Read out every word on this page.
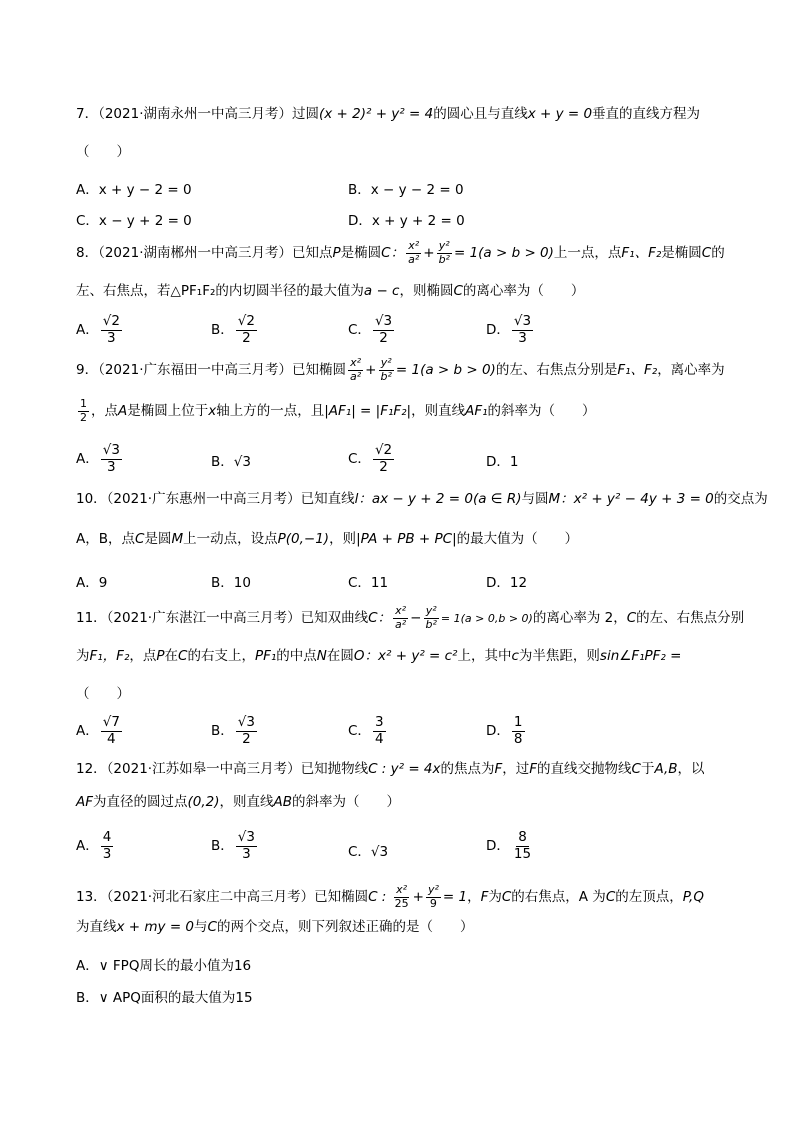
7．（2021·湖南永州一中高三月考）过圆(x + 2)² + y² = 4的圆心且与直线x + y = 0垂直的直线方程为
（　　）
A．x + y − 2 = 0	B．x − y − 2 = 0
C．x − y + 2 = 0	D．x + y + 2 = 0
8．（2021·湖南郴州一中高三月考）已知点P是椭圆C： $\frac{\text{x²}}{\text{a²}} + \frac{\text{y²}}{\text{b²}} = 1(a > b > 0)$上一点，点F₁、F₂是椭圆C的
左、右焦点，若△PF₁F₂的内切圆半径的最大值为a − c，则椭圆C的离心率为（　　）
A． $\frac{√2}{3}$	B． $\frac{√2}{2}$	C． $\frac{√3}{2}$	D． $\frac{√3}{3}$
9．（2021·广东福田一中高三月考）已知椭圆 $\frac{\text{x²}}{\text{a²}} + \frac{\text{y²}}{\text{b²}} = 1(a > b > 0)$的左、右焦点分别是F₁、F₂，离心率为
$\frac{1}{2}$ ，点A是椭圆上位于x轴上方的一点，且|AF₁| = |F₁F₂|，则直线AF₁的斜率为（　　）
A． $\frac{√3}{3}$	B．√3	C． $\frac{√2}{2}$	D．1
10．（2021·广东惠州一中高三月考）已知直线l：ax − y + 2 = 0(a ∈ R)与圆M：x² + y² − 4y + 3 = 0的交点为
A，B，点C是圆M上一动点，设点P(0,−1)，则|PA + PB + PC|的最大值为（　　）
A．9	B．10	C．11	D．12
11．（2021·广东湛江一中高三月考）已知双曲线C： $\frac{\text{x²}}{\text{a²}} - \frac{\text{y²}}{\text{b²}} = 1(a > 0,b > 0)$的离心率为 2，C的左、右焦点分别
为F₁，F₂，点P在C的右支上，PF₁的中点N在圆O：x² + y² = c²上，其中c为半焦距，则sin∠F₁PF₂ =
（　　）
A． $\frac{√7}{4}$	B． $\frac{√3}{2}$	C． $\frac{3}{4}$	D． $\frac{1}{8}$
12．（2021·江苏如皋一中高三月考）已知抛物线C : y² = 4x的焦点为F，过F的直线交抛物线C于A,B，以
AF为直径的圆过点(0,2)，则直线AB的斜率为（　　）
A． $\frac{4}{3}$	B． $\frac{√3}{3}$	C．√3	D． $\frac{8}{15}$
13．（2021·河北石家庄二中高三月考）已知椭圆C : $\frac{\text{x²}}{25} + \frac{\text{y²}}{9} = 1$，F为C的右焦点，A 为C的左顶点，P,Q
为直线x + my = 0与C的两个交点，则下列叙述正确的是（　　）
A．∨ FPQ周长的最小值为16
B．∨ APQ面积的最大值为15
